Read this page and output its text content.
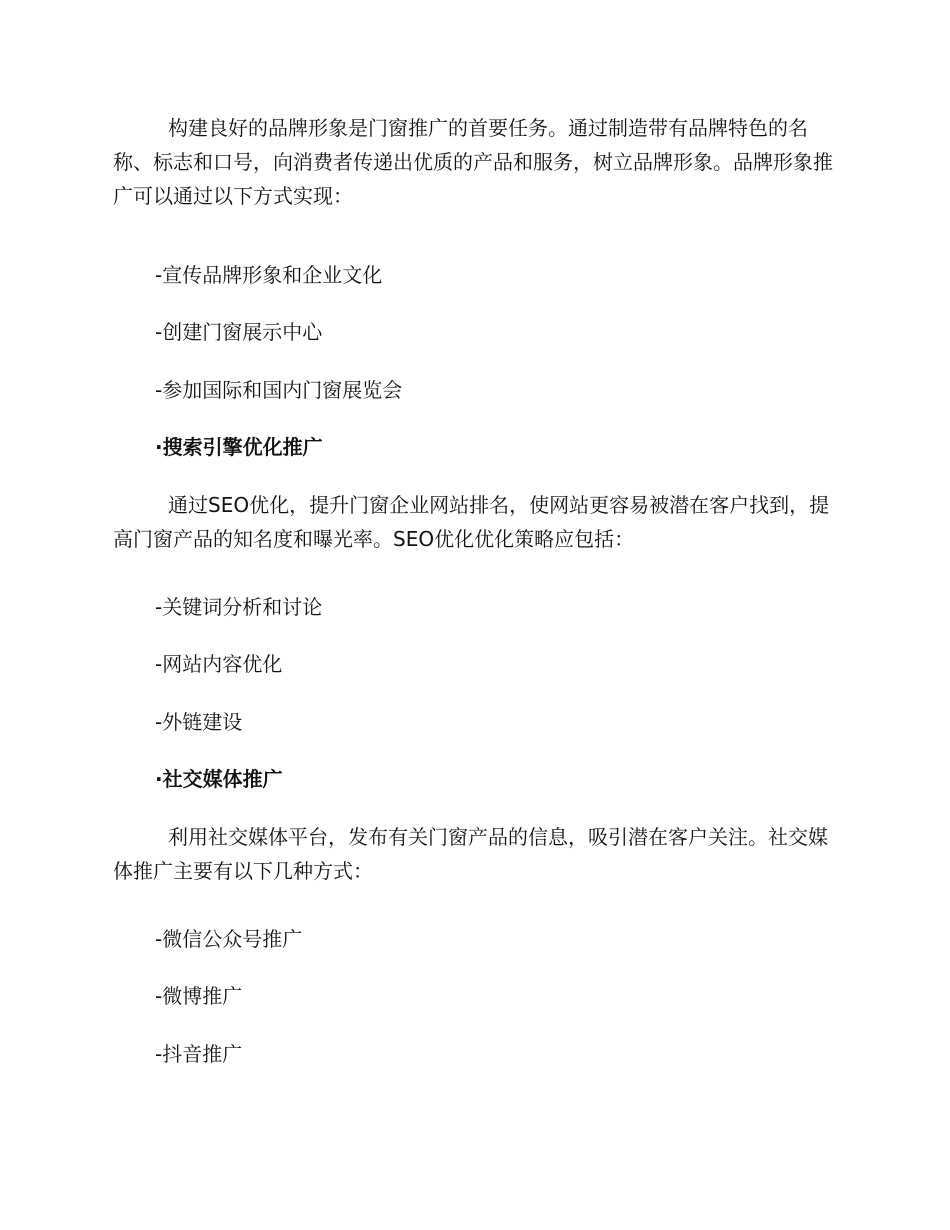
构建良好的品牌形象是门窗推广的首要任务。通过制造带有品牌特色的名称、标志和口号，向消费者传递出优质的产品和服务，树立品牌形象。品牌形象推广可以通过以下方式实现：

-宣传品牌形象和企业文化

-创建门窗展示中心

-参加国际和国内门窗展览会

·搜索引擎优化推广

通过SEO优化，提升门窗企业网站排名，使网站更容易被潜在客户找到，提高门窗产品的知名度和曝光率。SEO优化优化策略应包括：

-关键词分析和讨论

-网站内容优化

-外链建设

·社交媒体推广

利用社交媒体平台，发布有关门窗产品的信息，吸引潜在客户关注。社交媒体推广主要有以下几种方式：

-微信公众号推广

-微博推广

-抖音推广
